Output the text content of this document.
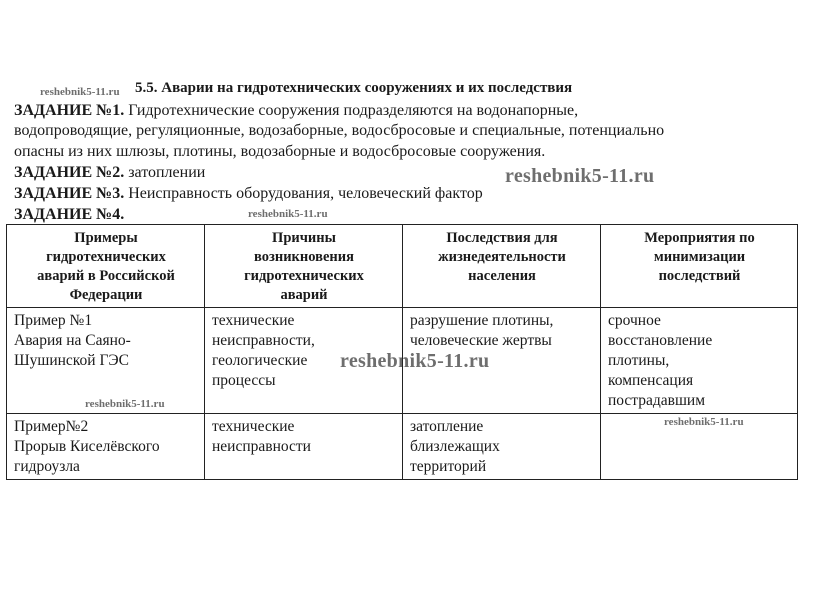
reshebnik5-11.ru
reshebnik5-11.ru
reshebnik5-11.ru
reshebnik5-11.ru
reshebnik5-11.ru
reshebnik5-11.ru
5.5. Аварии на гидротехнических сооружениях и их последствия
ЗАДАНИЕ №1. Гидротехнические сооружения подразделяются на водонапорные,
водопроводящие, регуляционные, водозаборные, водосбросовые и специальные, потенциально
опасны из них шлюзы, плотины, водозаборные и водосбросовые сооружения.
ЗАДАНИЕ №2. затоплении
ЗАДАНИЕ №3. Неисправность оборудования, человеческий фактор
ЗАДАНИЕ №4.
Примеры
гидротехнических
аварий в Российской
Федерации	Причины
возникновения
гидротехнических
аварий	Последствия для
жизнедеятельности
населения	Мероприятия по
минимизации
последствий

Пример №1
Авария на Саяно-
Шушинской ГЭС	технические
неисправности,
геологические
процессы	разрушение плотины,
человеческие жертвы	срочное
восстановление
плотины,
компенсация
пострадавшим

Пример№2
Прорыв Киселёвского
гидроузла	технические
неисправности	затопление
близлежащих
территорий	
